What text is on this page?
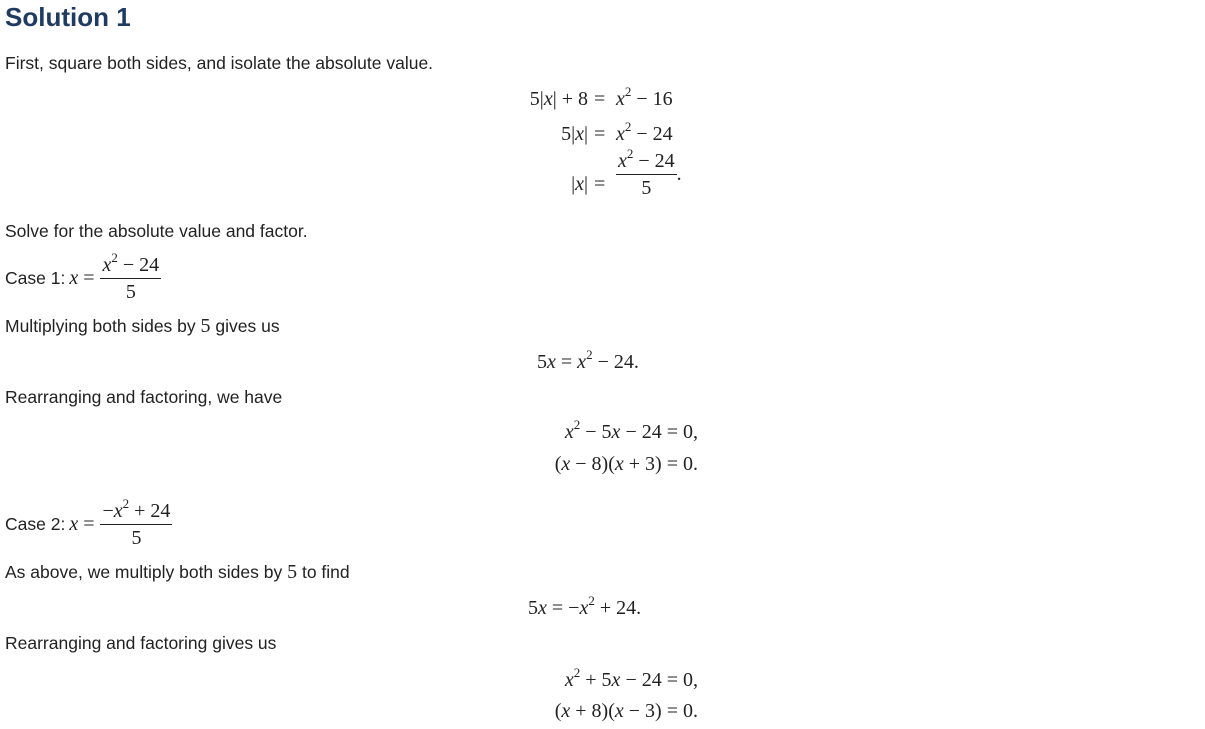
Solution 1

First, square both sides, and isolate the absolute value.

$5|x| + 8 = x^2 - 16$
$5|x| = x^2 - 24$
$|x| = \frac{x^2 - 24}{5}$ .

Solve for the absolute value and factor.

Case 1: $x = \frac{x^2 - 24}{5}$

Multiplying both sides by 5 gives us

$5x = x^2 - 24$.

Rearranging and factoring, we have

$x^2 - 5x - 24 = 0$,
(x − 8)(x + 3) = 0.
Case 2: $x = \frac{-x^2 + 24}{5}$

As above, we multiply both sides by 5 to find

$5x = -x^2 + 24$.

Rearranging and factoring gives us

$x^2 + 5x - 24 = 0$,
(x + 8)(x − 3) = 0.
